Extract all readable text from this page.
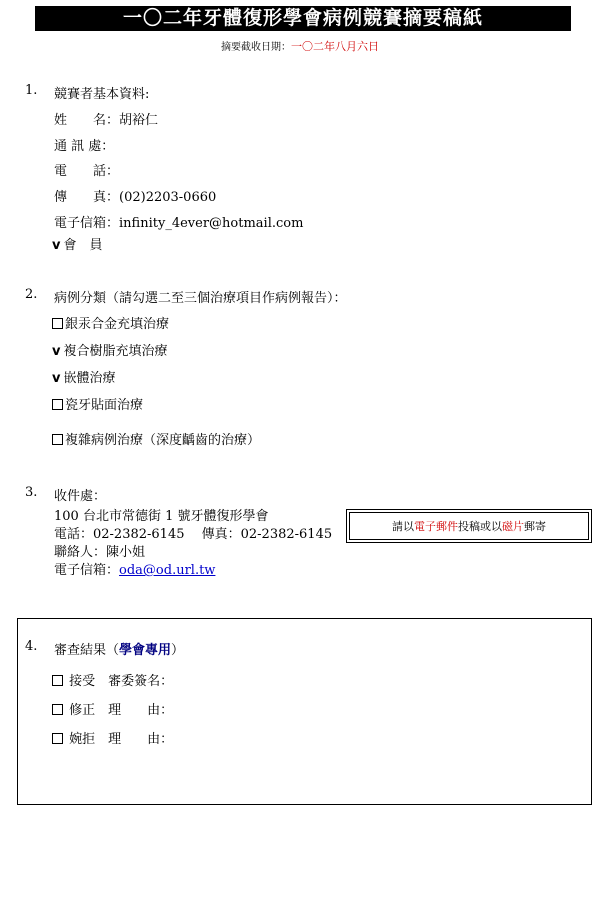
一〇二年牙體復形學會病例競賽摘要稿紙
摘要截收日期：一〇二年八月六日
1. 競賽者基本資料:
姓　　名：胡裕仁
通 訊 處：
電　　話：
傳　　真：(02)2203-0660
電子信箱：infinity_4ever@hotmail.com
v 會　員
2. 病例分類（請勾選二至三個治療項目作病例報告）：
銀汞合金充填治療
v 複合樹脂充填治療
v 嵌體治療
瓷牙貼面治療
複雜病例治療（深度齲齒的治療）
3. 收件處：
100 台北市常德街 1 號牙體復形學會
電話：02-2382-6145　 傳真：02-2382-6145
聯絡人：陳小姐
電子信箱：oda@od.url.tw
請以電子郵件投稿或以磁片郵寄
4. 審查結果（學會專用）
接受　審委簽名：
修正　理　　由：
婉拒　理　　由：
